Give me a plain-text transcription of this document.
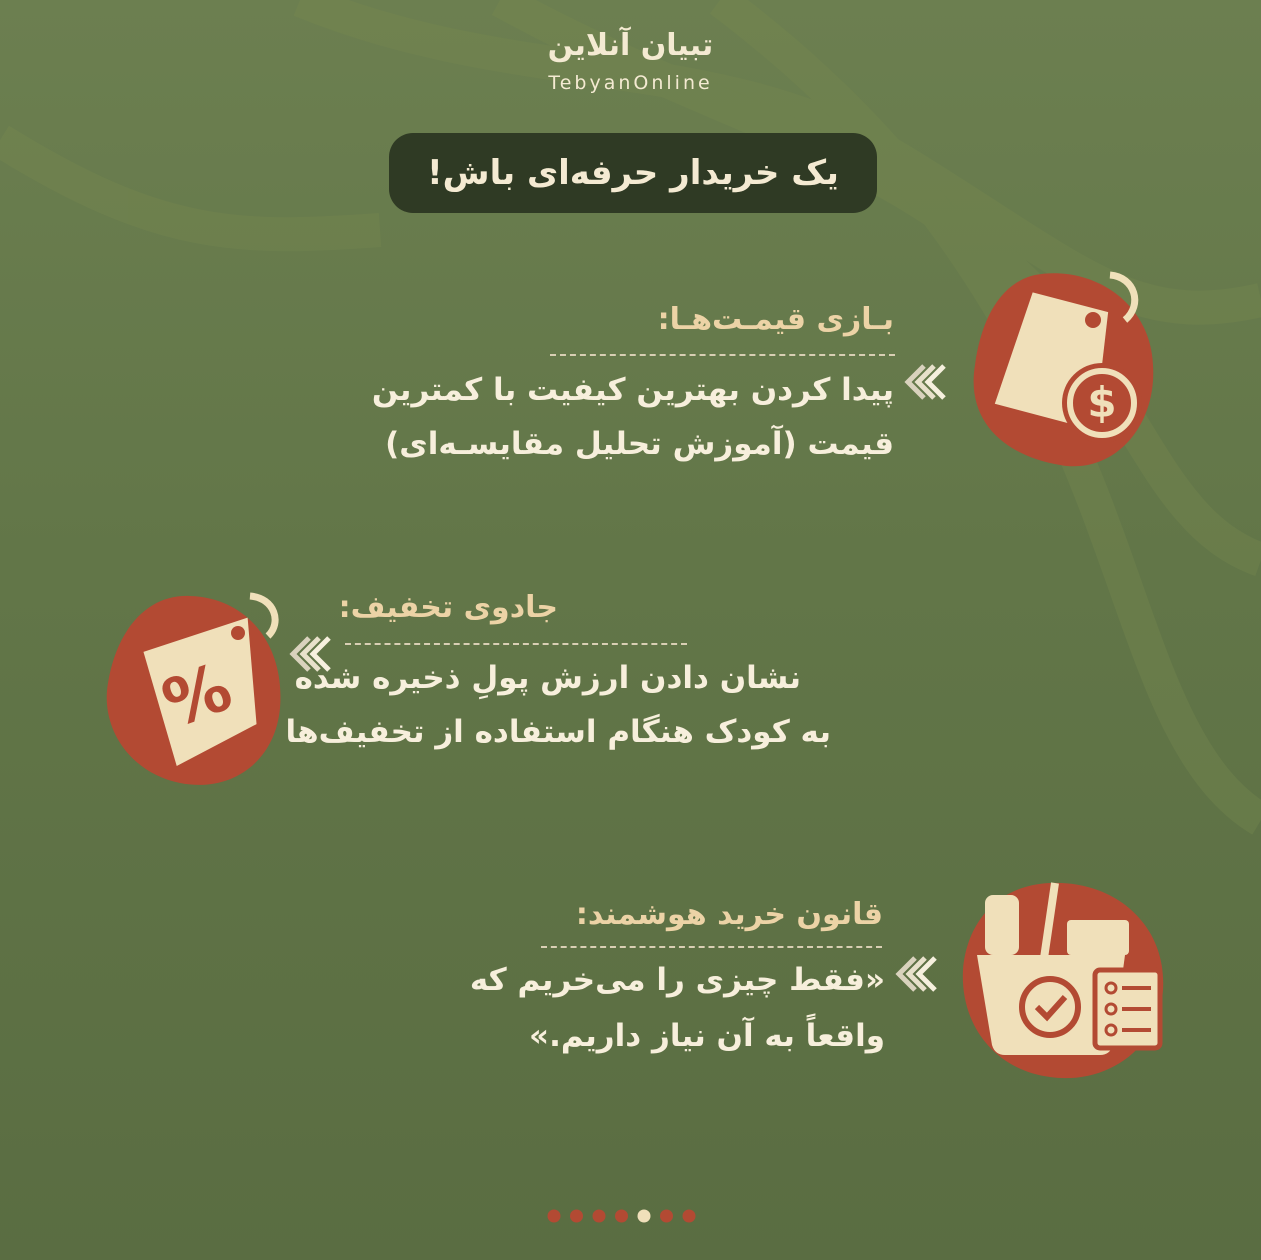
تبیان آنلاین
TebyanOnline
یک خریدار حرفه‌ای باش!
بـازی قیمـت‌هـا:
پیدا کردن بهترین کیفیت با کمترین
قیمت (آموزش تحلیل مقایسـه‌ای)
$
جادوی تخفیف:
نشان دادن ارزش پولِ ذخیره شده
به کودک هنگام استفاده از تخفیف‌ها
%
قانون خرید هوشمند:
«فقط چیزی را می‌خریم که
واقعاً به آن نیاز داریم.»
